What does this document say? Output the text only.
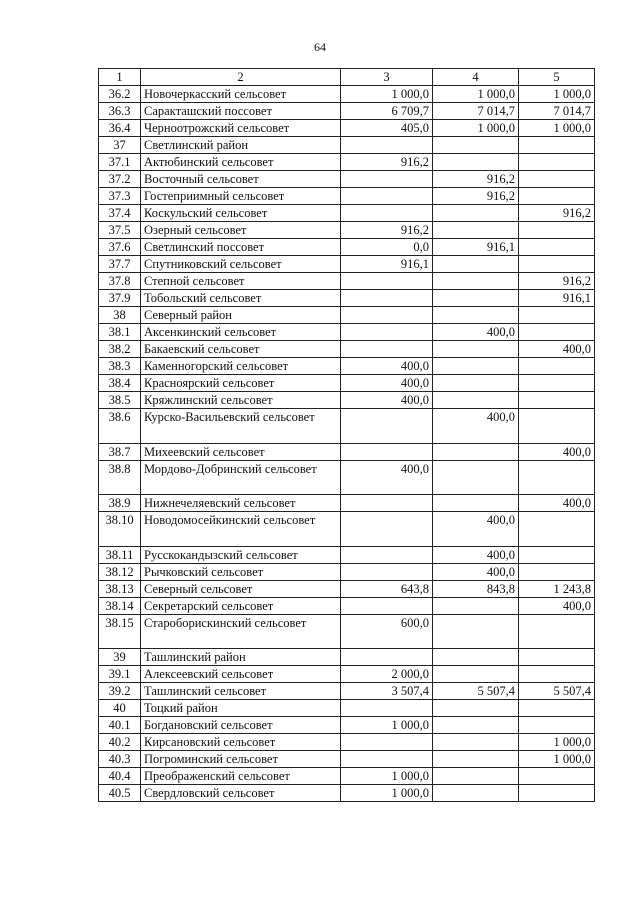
64
1	2	3	4	5
36.2	Новочеркасский сельсовет	1 000,0	1 000,0	1 000,0
36.3	Саракташский поссовет	6 709,7	7 014,7	7 014,7
36.4	Черноотрожский сельсовет	405,0	1 000,0	1 000,0
37	Светлинский район			
37.1	Актюбинский сельсовет	916,2		
37.2	Восточный сельсовет		916,2	
37.3	Гостеприимный сельсовет		916,2	
37.4	Коскульский сельсовет			916,2
37.5	Озерный сельсовет	916,2		
37.6	Светлинский поссовет	0,0	916,1	
37.7	Спутниковский сельсовет	916,1		
37.8	Степной сельсовет			916,2
37.9	Тобольский сельсовет			916,1
38	Северный район			
38.1	Аксенкинский сельсовет		400,0	
38.2	Бакаевский сельсовет			400,0
38.3	Каменногорский сельсовет	400,0		
38.4	Красноярский сельсовет	400,0		
38.5	Кряжлинский сельсовет	400,0		
38.6	Курско-Васильевский сельсовет		400,0	
38.7	Михеевский сельсовет			400,0
38.8	Мордово-Добринский сельсовет	400,0		
38.9	Нижнечеляевский сельсовет			400,0
38.10	Новодомосейкинский сельсовет		400,0	
38.11	Русскокандызский сельсовет		400,0	
38.12	Рычковский сельсовет		400,0	
38.13	Северный сельсовет	643,8	843,8	1 243,8
38.14	Секретарский сельсовет			400,0
38.15	Староборискинский сельсовет	600,0		
39	Ташлинский район			
39.1	Алексеевский сельсовет	2 000,0		
39.2	Ташлинский сельсовет	3 507,4	5 507,4	5 507,4
40	Тоцкий район			
40.1	Богдановский сельсовет	1 000,0		
40.2	Кирсановский сельсовет			1 000,0
40.3	Погроминский сельсовет			1 000,0
40.4	Преображенский сельсовет	1 000,0		
40.5	Свердловский сельсовет	1 000,0		
